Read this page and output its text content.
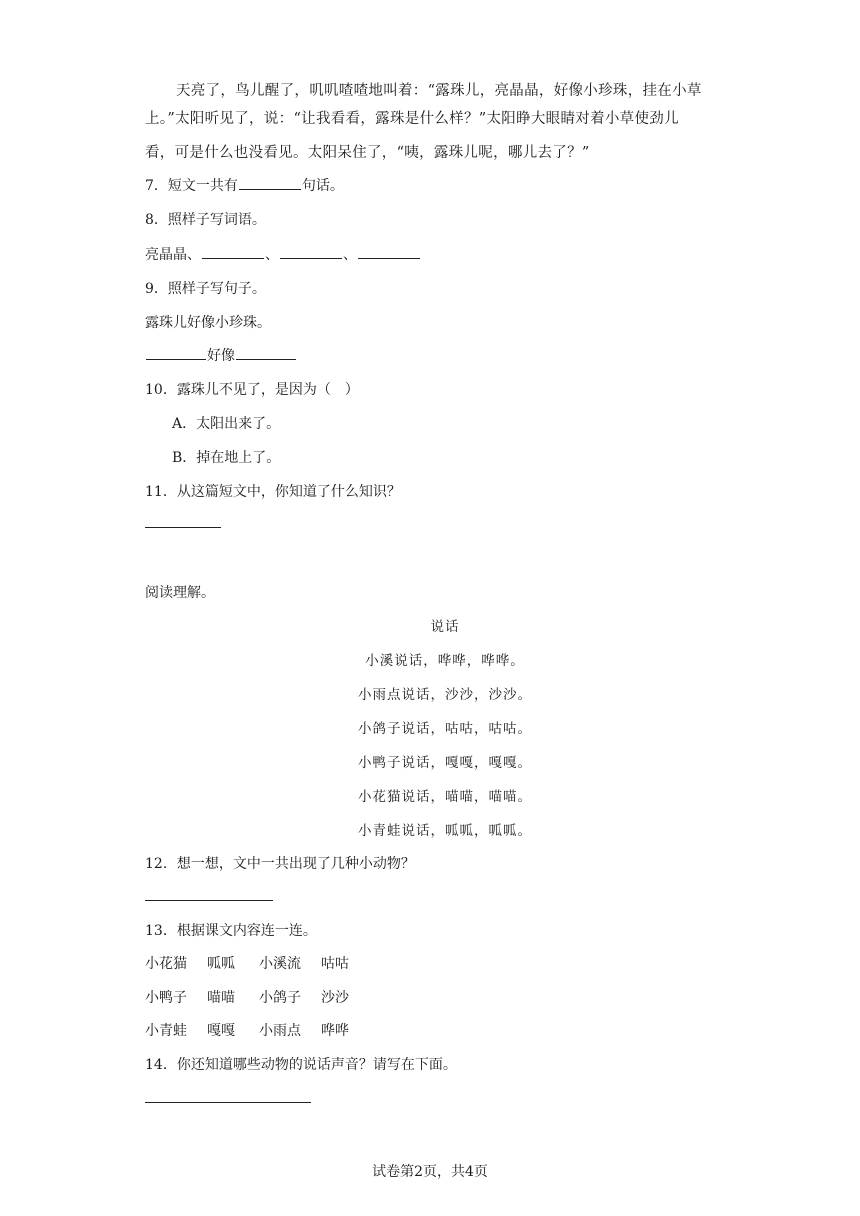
天亮了，鸟儿醒了，叽叽喳喳地叫着：“露珠儿，亮晶晶，好像小珍珠，挂在小草
上。”太阳听见了，说：“让我看看，露珠是什么样？”太阳睁大眼睛对着小草使劲儿
看，可是什么也没看见。太阳呆住了，“咦，露珠儿呢，哪儿去了？”
7．短文一共有	句话。
8．照样子写词语。
亮晶晶、	、	、
9．照样子写句子。
露珠儿好像小珍珠。
好像
10．露珠儿不见了，是因为（　）
A．太阳出来了。
B．掉在地上了。
11．从这篇短文中，你知道了什么知识？
阅读理解。
说话
小溪说话，哗哗，哗哗。
小雨点说话，沙沙，沙沙。
小鸽子说话，咕咕，咕咕。
小鸭子说话，嘎嘎，嘎嘎。
小花猫说话，喵喵，喵喵。
小青蛙说话，呱呱，呱呱。
12．想一想，文中一共出现了几种小动物？
13．根据课文内容连一连。
小花猫 呱呱 小溪流 咕咕
小鸭子 喵喵 小鸽子 沙沙
小青蛙 嘎嘎 小雨点 哗哗
14．你还知道哪些动物的说话声音？请写在下面。
试卷第2页，共4页
